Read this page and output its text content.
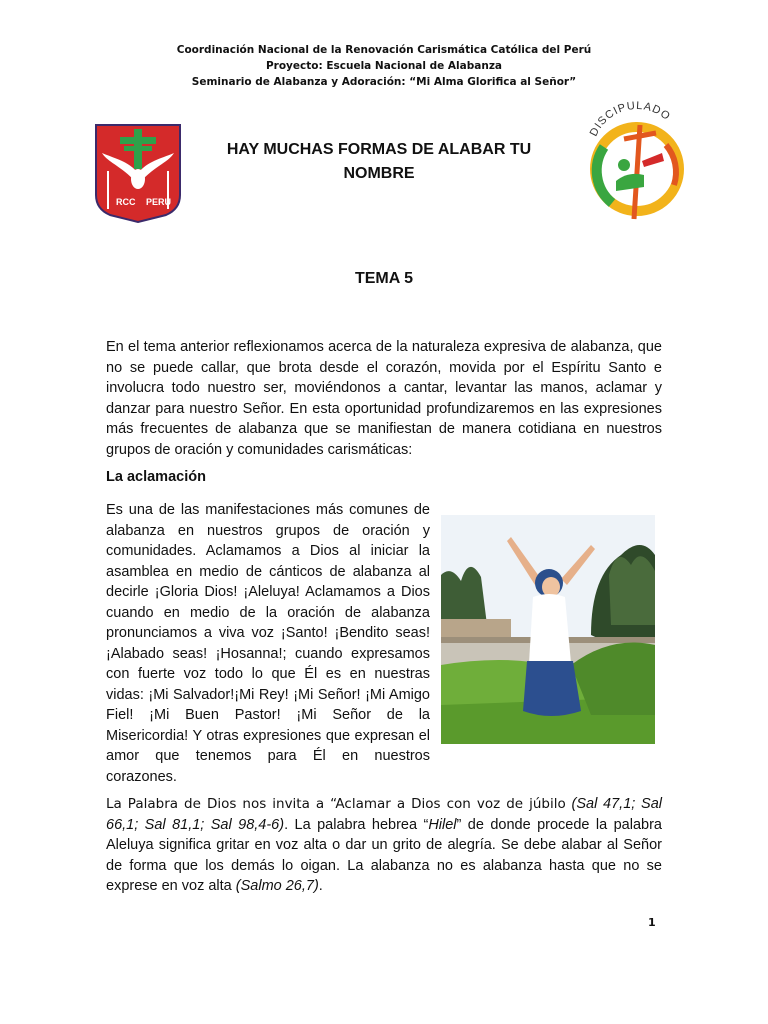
Coordinación Nacional de la Renovación Carismática Católica del Perú
Proyecto: Escuela Nacional de Alabanza
Seminario de Alabanza y Adoración: “Mi Alma Glorifica al Señor”
RCC PERU
DISCIPULADO
HAY MUCHAS FORMAS DE ALABAR TU
NOMBRE
TEMA 5

En el tema anterior reflexionamos acerca de la naturaleza expresiva de alabanza, que no se puede callar, que brota desde el corazón, movida por el Espíritu Santo e involucra todo nuestro ser, moviéndonos a cantar, levantar las manos, aclamar y danzar para nuestro Señor. En esta oportunidad profundizaremos en las expresiones más frecuentes de alabanza que se manifiestan de manera cotidiana en nuestros grupos de oración y comunidades carismáticas:

La aclamación

Es una de las manifestaciones más comunes de alabanza en nuestros grupos de oración y comunidades. Aclamamos a Dios al iniciar la asamblea en medio de cánticos de alabanza al decirle ¡Gloria Dios! ¡Aleluya! Aclamamos a Dios cuando en medio de la oración de alabanza pronunciamos a viva voz ¡Santo! ¡Bendito seas! ¡Alabado seas! ¡Hosanna!; cuando expresamos con fuerte voz todo lo que Él es en nuestras vidas: ¡Mi Salvador!¡Mi Rey! ¡Mi Señor! ¡Mi Amigo Fiel! ¡Mi Buen Pastor! ¡Mi Señor de la Misericordia! Y otras expresiones que expresan el amor que tenemos para Él en nuestros corazones.

La Palabra de Dios nos invita a “Aclamar a Dios con voz de júbilo (Sal 47,1; Sal 66,1; Sal 81,1; Sal 98,4-6). La palabra hebrea “Hilel” de donde procede la palabra Aleluya significa gritar en voz alta o dar un grito de alegría. Se debe alabar al Señor de forma que los demás lo oigan. La alabanza no es alabanza hasta que no se exprese en voz alta (Salmo 26,7).

1
